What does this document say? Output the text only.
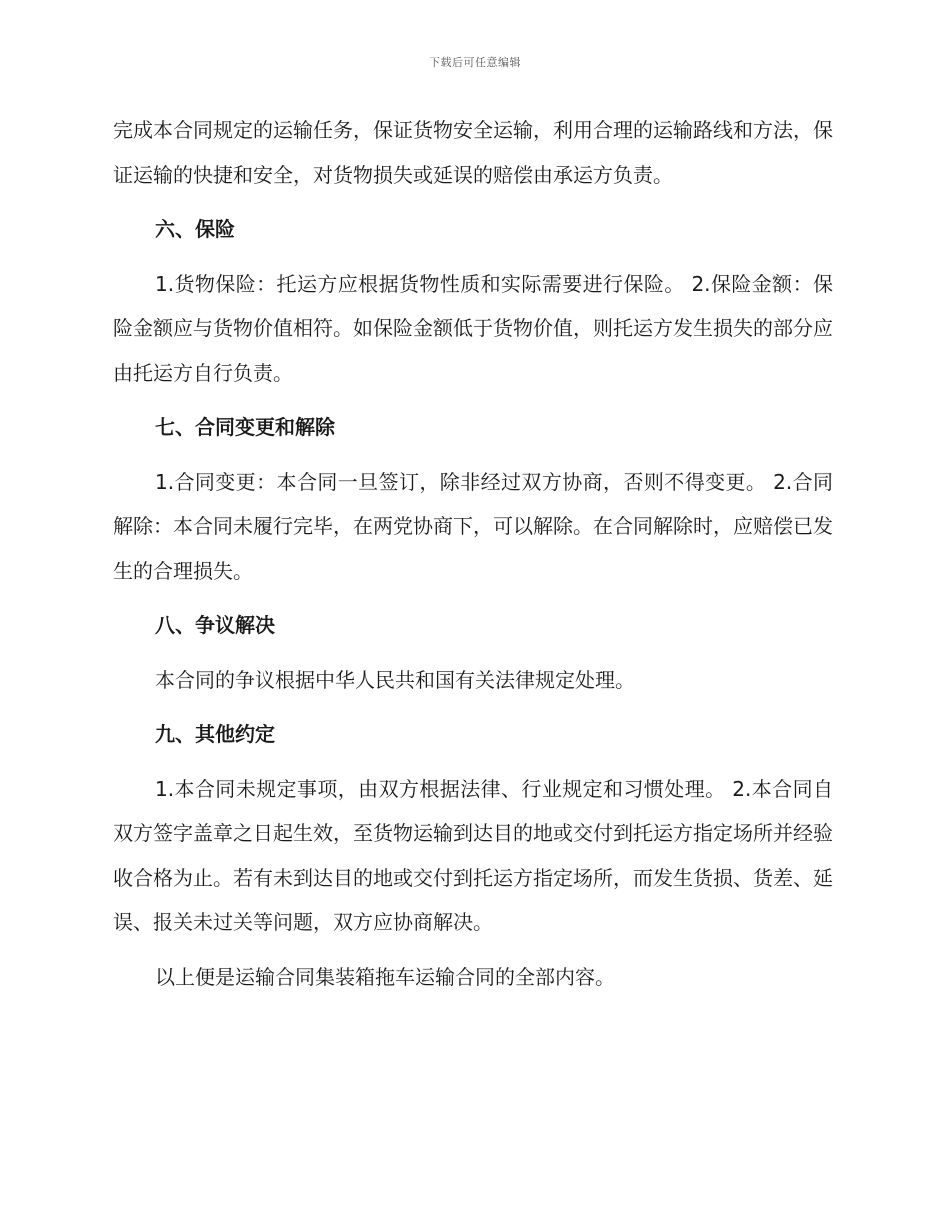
下载后可任意编辑

完成本合同规定的运输任务，保证货物安全运输，利用合理的运输路线和方法，保证运输的快捷和安全，对货物损失或延误的赔偿由承运方负责。

六、保险

1.货物保险：托运方应根据货物性质和实际需要进行保险。 2.保险金额：保险金额应与货物价值相符。如保险金额低于货物价值，则托运方发生损失的部分应由托运方自行负责。

七、合同变更和解除

1.合同变更：本合同一旦签订，除非经过双方协商，否则不得变更。 2.合同解除：本合同未履行完毕，在两党协商下，可以解除。在合同解除时，应赔偿已发生的合理损失。

八、争议解决

本合同的争议根据中华人民共和国有关法律规定处理。

九、其他约定

1.本合同未规定事项，由双方根据法律、行业规定和习惯处理。 2.本合同自双方签字盖章之日起生效，至货物运输到达目的地或交付到托运方指定场所并经验收合格为止。若有未到达目的地或交付到托运方指定场所，而发生货损、货差、延误、报关未过关等问题，双方应协商解决。

以上便是运输合同集装箱拖车运输合同的全部内容。
